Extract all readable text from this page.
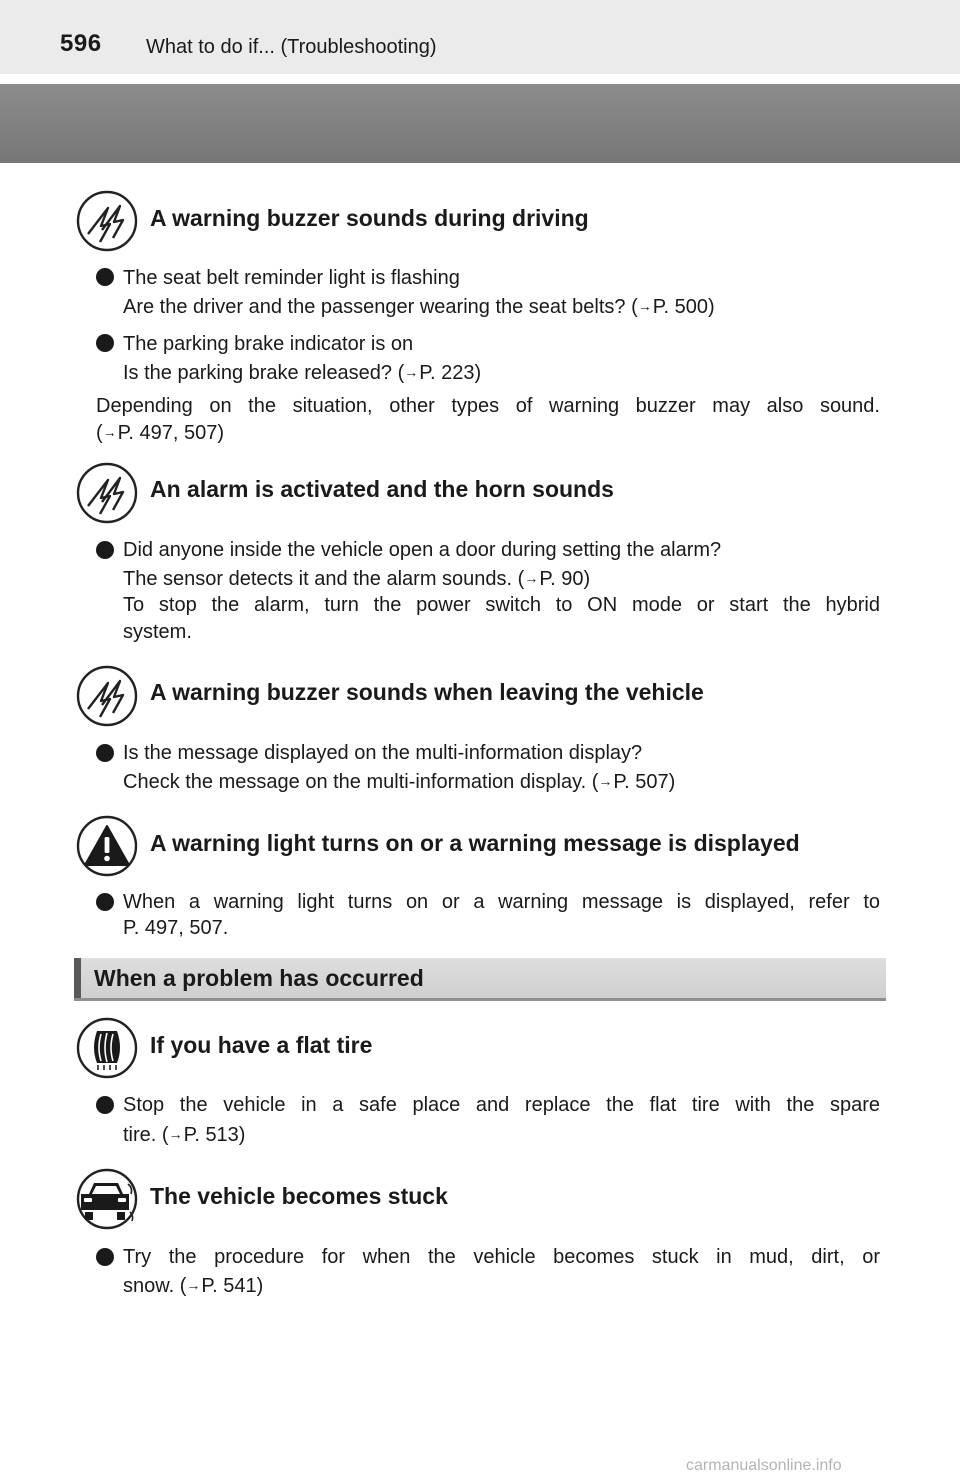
596 What to do if... (Troubleshooting)
A warning buzzer sounds during driving
The seat belt reminder light is flashing
Are the driver and the passenger wearing the seat belts? (→P. 500)
The parking brake indicator is on
Is the parking brake released? (→P. 223)
Depending on the situation, other types of warning buzzer may also sound.
(→P. 497, 507)
An alarm is activated and the horn sounds
Did anyone inside the vehicle open a door during setting the alarm?
The sensor detects it and the alarm sounds. (→P. 90)
To stop the alarm, turn the power switch to ON mode or start the hybrid
system.
A warning buzzer sounds when leaving the vehicle
Is the message displayed on the multi-information display?
Check the message on the multi-information display. (→P. 507)
A warning light turns on or a warning message is displayed
When a warning light turns on or a warning message is displayed, refer to
P. 497, 507.
When a problem has occurred
If you have a flat tire
Stop the vehicle in a safe place and replace the flat tire with the spare
tire. (→P. 513)
The vehicle becomes stuck
Try the procedure for when the vehicle becomes stuck in mud, dirt, or
snow. (→P. 541)
carmanualsonline.info
